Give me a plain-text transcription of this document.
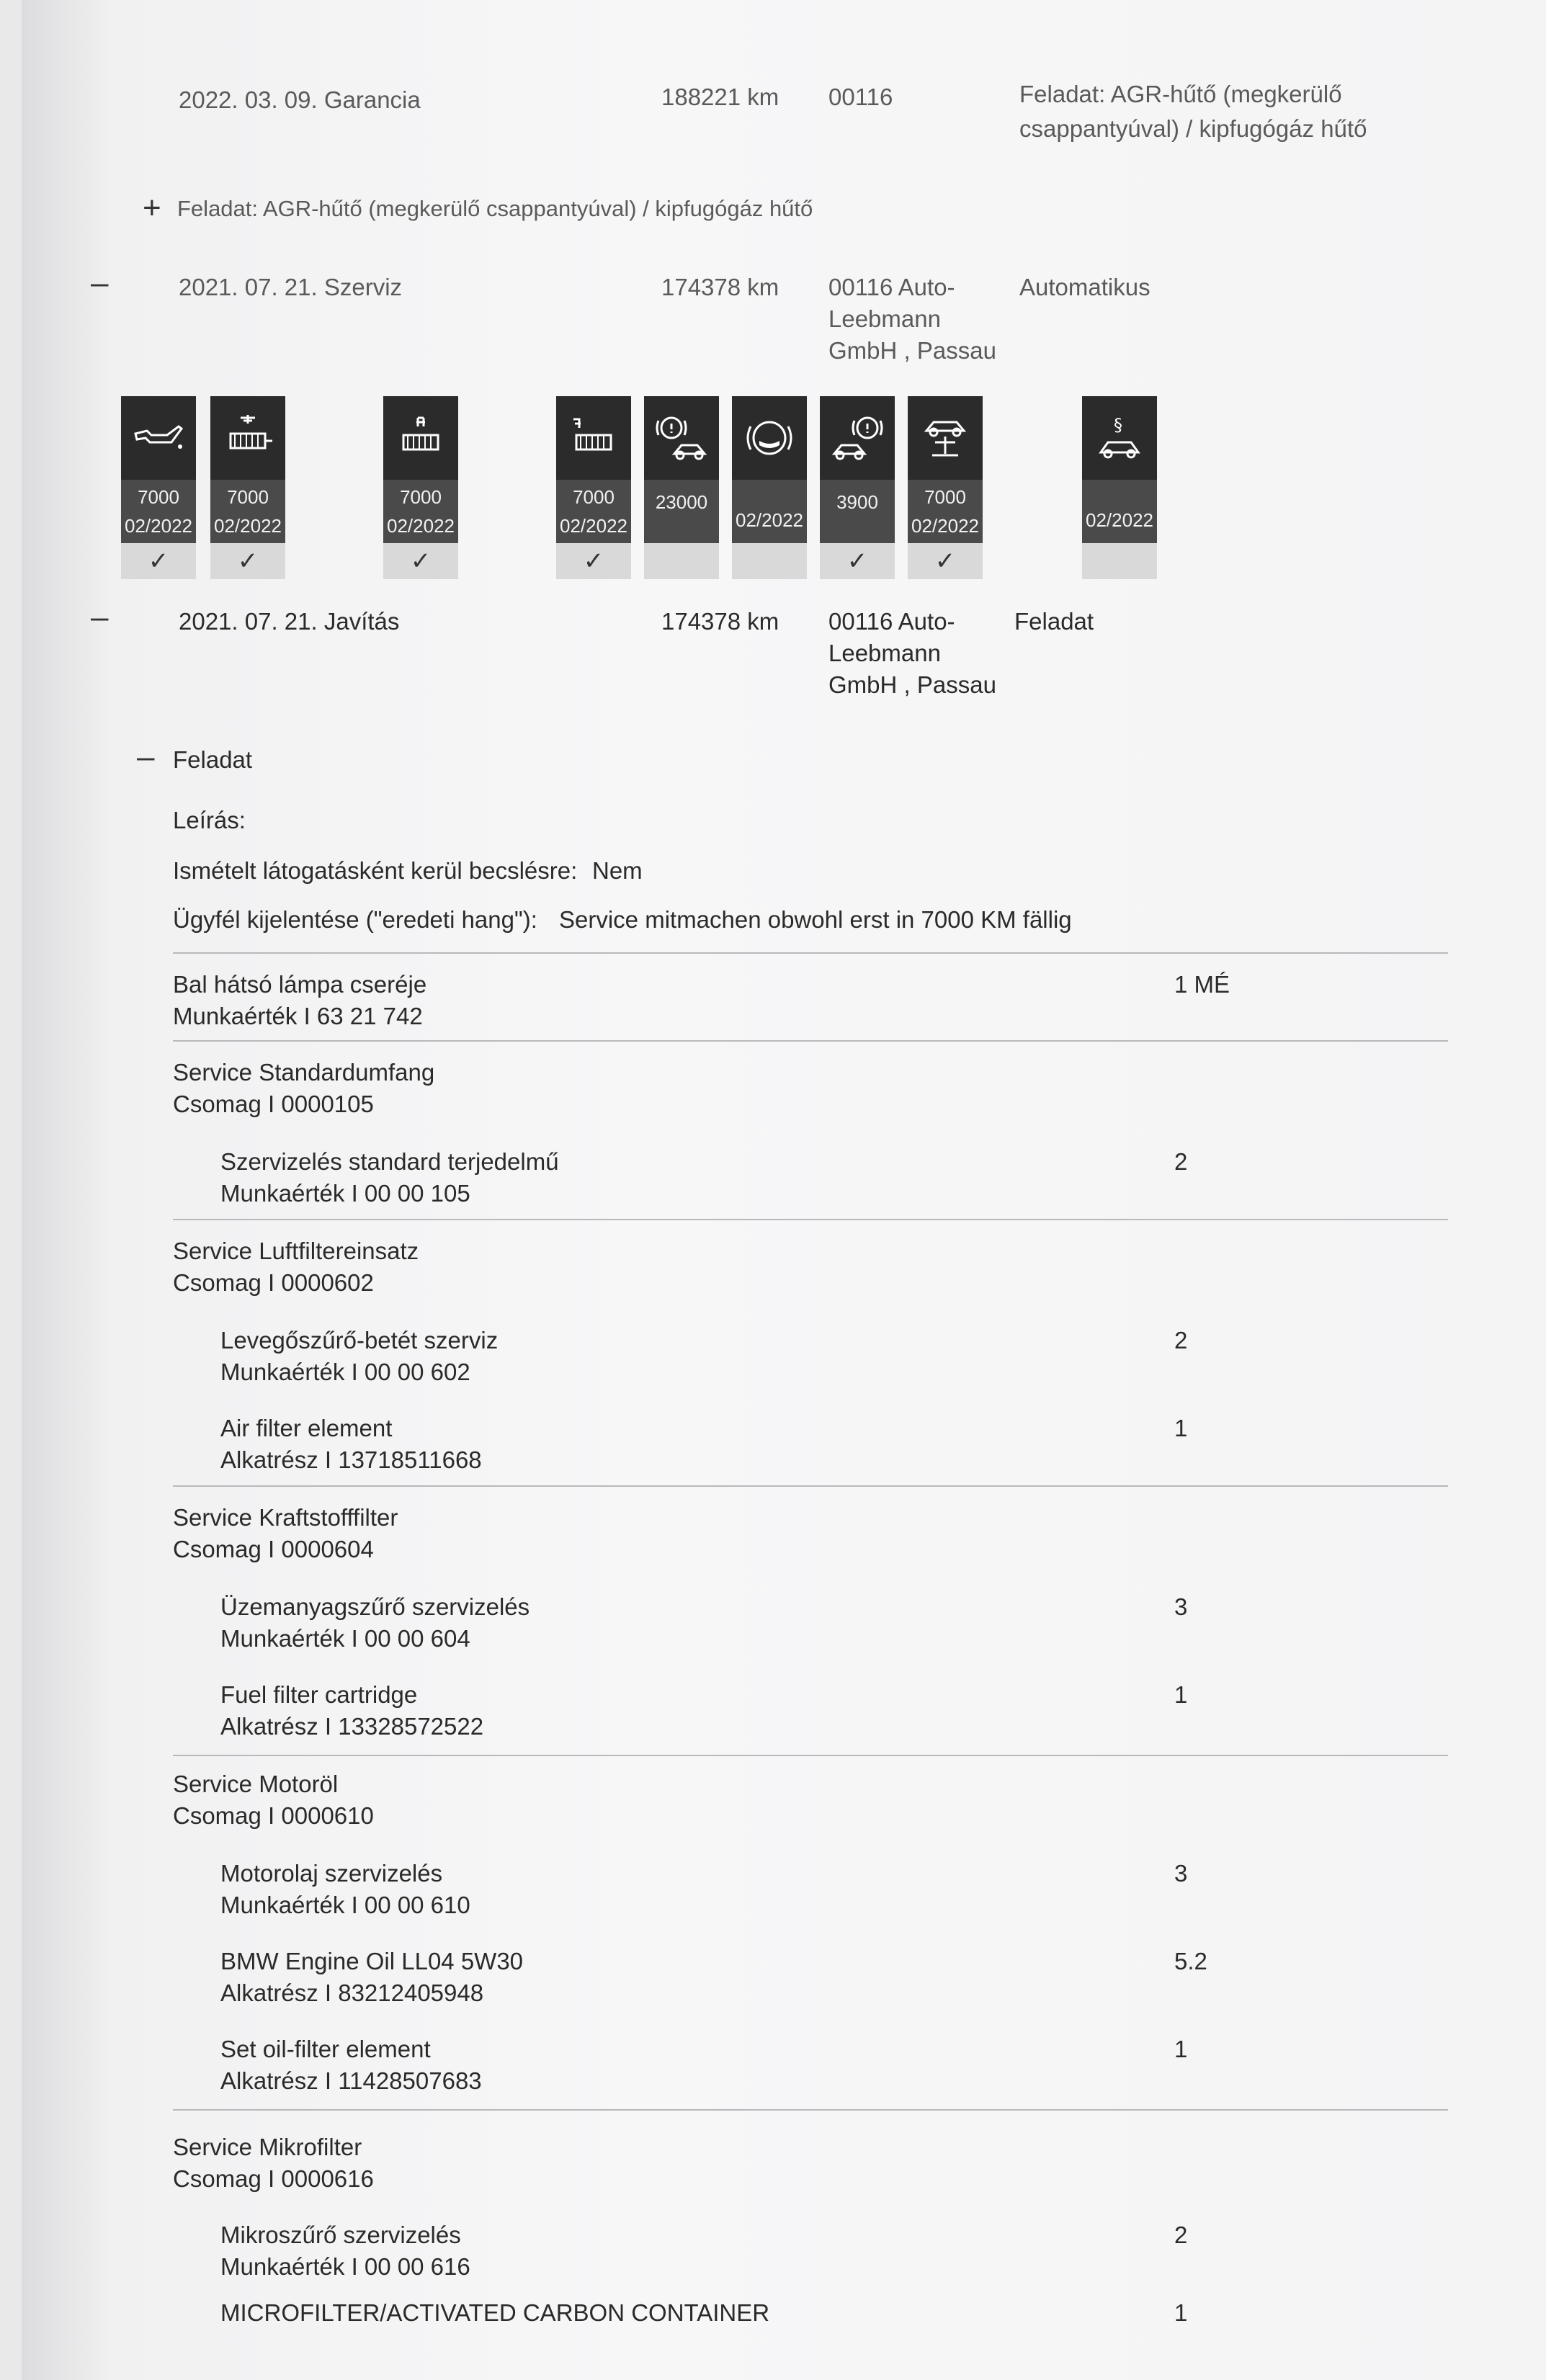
2022. 03. 09. Garancia	188221 km 00116	Feladat: AGR-hűtő (megkerülő
csappantyúval) / kipfugógáz hűtő
+ Feladat: AGR-hűtő (megkerülő csappantyúval) / kipfugógáz hűtő
–	2021. 07. 21. Szerviz	174378 km 00116 Auto-
Leebmann
GmbH , Passau
Automatikus
7000
02/2022
✓
7000
02/2022
✓
7000
02/2022
✓
7000
02/2022
✓
23000
02/2022
3900
✓
7000
02/2022
✓
§
02/2022
–	2021. 07. 21. Javítás	174378 km 00116 Auto-
Leebmann
GmbH , Passau
Feladat
– Feladat
Leírás:
Ismételt látogatásként kerül becslésre: Nem
Ügyfél kijelentése ("eredeti hang"): Service mitmachen obwohl erst in 7000 KM fällig
Bal hátsó lámpa cseréje
Munkaérték I 63 21 742
1 MÉ
Service Standardumfang
Csomag I 0000105
Szervizelés standard terjedelmű
Munkaérték I 00 00 105
2
Service Luftfiltereinsatz
Csomag I 0000602
Levegőszűrő-betét szerviz
Munkaérték I 00 00 602
2
Air filter element
Alkatrész I 13718511668
1
Service Kraftstofffilter
Csomag I 0000604
Üzemanyagszűrő szervizelés
Munkaérték I 00 00 604
3
Fuel filter cartridge
Alkatrész I 13328572522
1
Service Motoröl
Csomag I 0000610
Motorolaj szervizelés
Munkaérték I 00 00 610
3
BMW Engine Oil LL04 5W30
Alkatrész I 83212405948
5.2
Set oil-filter element
Alkatrész I 11428507683
1
Service Mikrofilter
Csomag I 0000616
Mikroszűrő szervizelés
Munkaérték I 00 00 616
2
MICROFILTER/ACTIVATED CARBON CONTAINER	1
